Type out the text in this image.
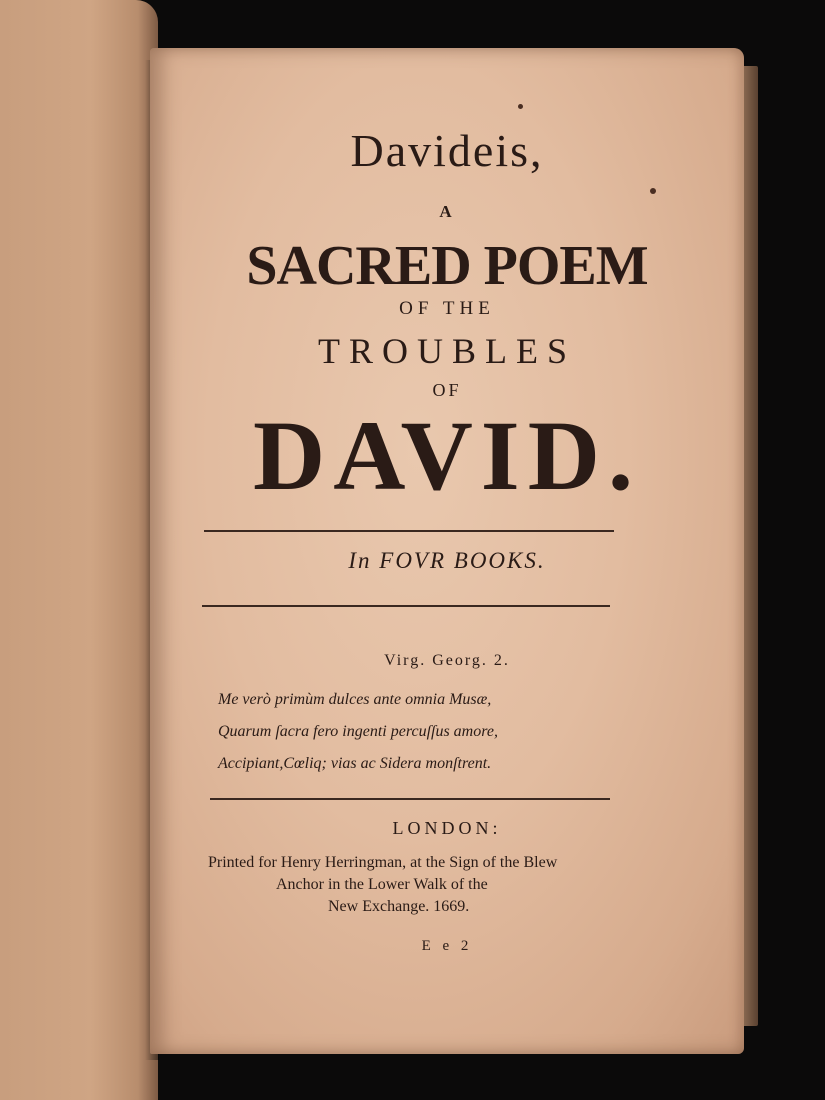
Davideis,
A
SACRED POEM
OF THE
TROUBLES
OF
DAVID.
In FOVR BOOKS.
Virg. Georg. 2.
Me verò primùm dulces ante omnia Musæ,
Quarum ſacra fero ingenti percuſſus amore,
Accipiant,Cœliq; vias ac Sidera monſtrent.
LONDON:
Printed for Henry Herringman, at the Sign of the Blew
Anchor in the Lower Walk of the
New Exchange. 1669.
E e 2
